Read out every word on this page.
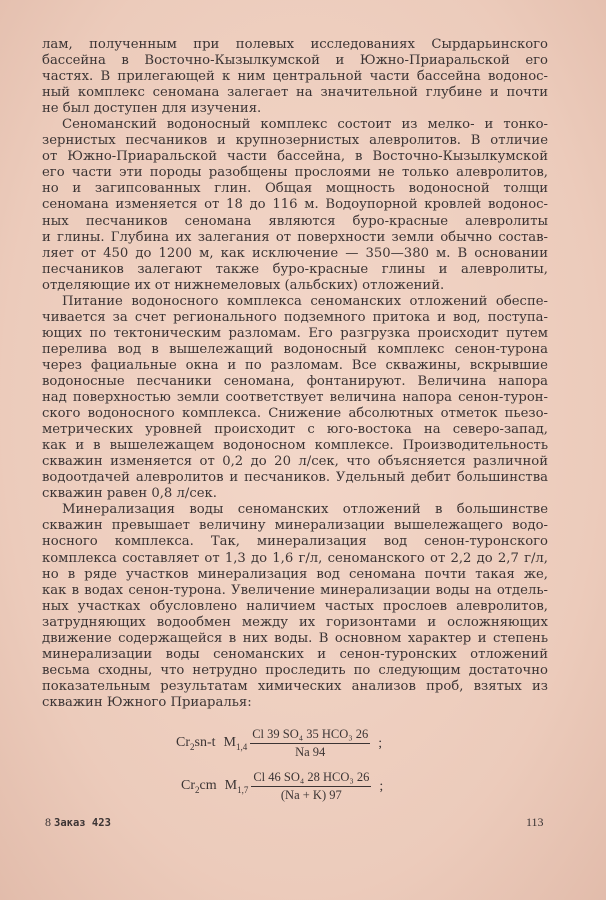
лам, полученным при полевых исследованиях Сырдарьинского
бассейна в Восточно-Кызылкумской и Южно-Приаральской его
частях. В прилегающей к ним центральной части бассейна водонос-
ный комплекс сеномана залегает на значительной глубине и почти
не был доступен для изучения.
Сеноманский водоносный комплекс состоит из мелко- и тонко-
зернистых песчаников и крупнозернистых алевролитов. В отличие
от Южно-Приаральской части бассейна, в Восточно-Кызылкумской
его части эти породы разобщены прослоями не только алевролитов,
но и загипсованных глин. Общая мощность водоносной толщи
сеномана изменяется от 18 до 116 м. Водоупорной кровлей водонос-
ных песчаников сеномана являются буро-красные алевролиты
и глины. Глубина их залегания от поверхности земли обычно состав-
ляет от 450 до 1200 м, как исключение — 350—380 м. В основании
песчаников залегают также буро-красные глины и алевролиты,
отделяющие их от нижнемеловых (альбских) отложений.
Питание водоносного комплекса сеноманских отложений обеспе-
чивается за счет регионального подземного притока и вод, поступа-
ющих по тектоническим разломам. Его разгрузка происходит путем
перелива вод в вышележащий водоносный комплекс сенон-турона
через фациальные окна и по разломам. Все скважины, вскрывшие
водоносные песчаники сеномана, фонтанируют. Величина напора
над поверхностью земли соответствует величина напора сенон-турон-
ского водоносного комплекса. Снижение абсолютных отметок пьезо-
метрических уровней происходит с юго-востока на северо-запад,
как и в вышележащем водоносном комплексе. Производительность
скважин изменяется от 0,2 до 20 л/сек, что объясняется различной
водоотдачей алевролитов и песчаников. Удельный дебит большинства
скважин равен 0,8 л/сек.
Минерализация воды сеноманских отложений в большинстве
скважин превышает величину минерализации вышележащего водо-
носного комплекса. Так, минерализация вод сенон-туронского
комплекса составляет от 1,3 до 1,6 г/л, сеноманского от 2,2 до 2,7 г/л,
но в ряде участков минерализация вод сеномана почти такая же,
как в водах сенон-турона. Увеличение минерализации воды на отдель-
ных участках обусловлено наличием частых прослоев алевролитов,
затрудняющих водообмен между их горизонтами и осложняющих
движение содержащейся в них воды. В основном характер и степень
минерализации воды сеноманских и сенон-туронских отложений
весьма сходны, что нетрудно проследить по следующим достаточно
показательным результатам химических анализов проб, взятых из
скважин Южного Приаралья:
$Cr_2sn-t$ $M_{1,4} \frac{\text{Cl 39 SO₄ 35 HCO₃ 26}}{Na 94}$ ;
$Cr_2cm$ $M_{1,7} \frac{\text{Cl 46 SO₄ 28 HCO₃ 26}}{(Na + K) 97}$ ;
8 Заказ 423	113
